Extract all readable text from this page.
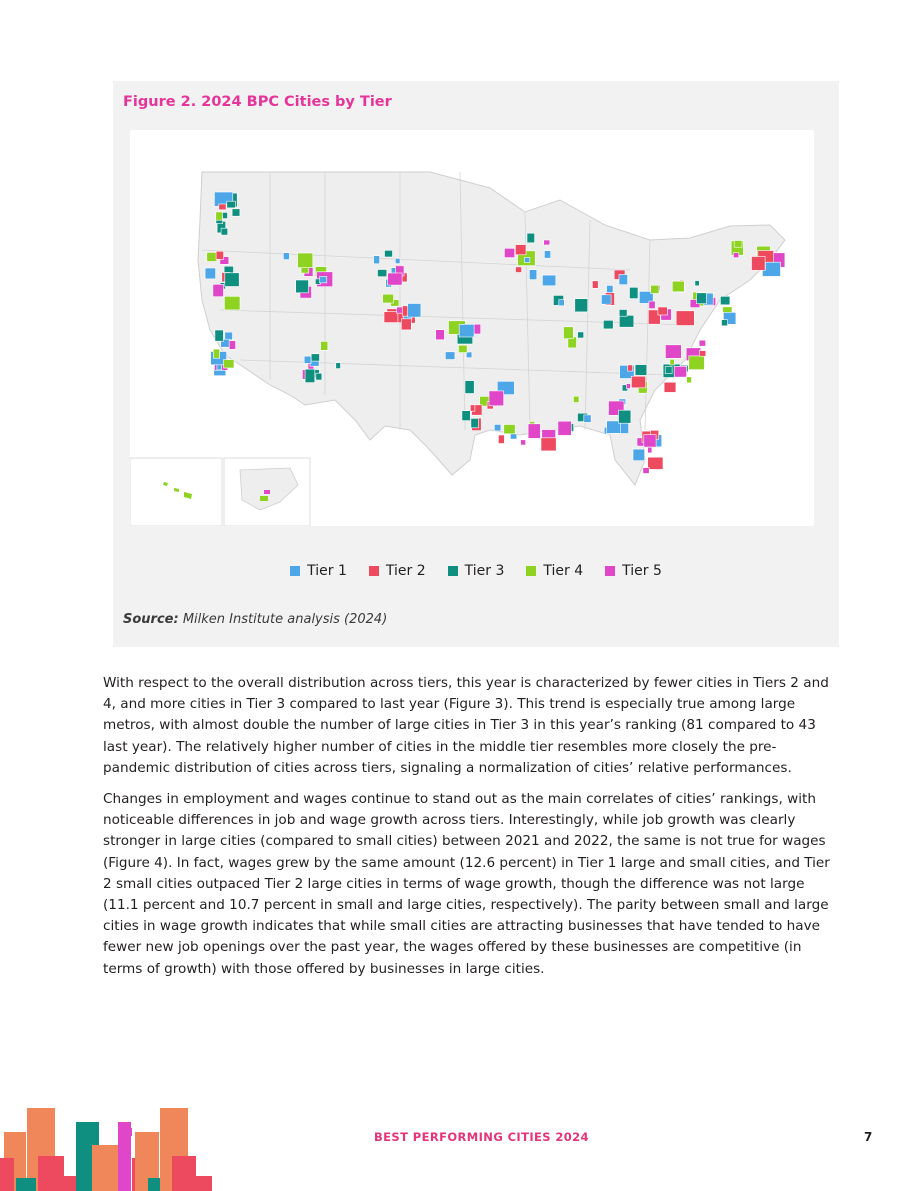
Figure 2. 2024 BPC Cities by Tier
Tier 1	Tier 2	Tier 3	Tier 4	Tier 5
Source: Milken Institute analysis (2024)

With respect to the overall distribution across tiers, this year is characterized by fewer cities in Tiers 2 and 4, and more cities in Tier 3 compared to last year (Figure 3). This trend is especially true among large metros, with almost double the number of large cities in Tier 3 in this year’s ranking (81 compared to 43 last year). The relatively higher number of cities in the middle tier resembles more closely the pre-pandemic distribution of cities across tiers, signaling a normalization of cities’ relative performances.

Changes in employment and wages continue to stand out as the main correlates of cities’ rankings, with noticeable differences in job and wage growth across tiers. Interestingly, while job growth was clearly stronger in large cities (compared to small cities) between 2021 and 2022, the same is not true for wages (Figure 4). In fact, wages grew by the same amount (12.6 percent) in Tier 1 large and small cities, and Tier 2 small cities outpaced Tier 2 large cities in terms of wage growth, though the difference was not large (11.1 percent and 10.7 percent in small and large cities, respectively). The parity between small and large cities in wage growth indicates that while small cities are attracting businesses that have tended to have fewer new job openings over the past year, the wages offered by these businesses are competitive (in terms of growth) with those offered by businesses in large cities.

BEST PERFORMING CITIES 2024	7
